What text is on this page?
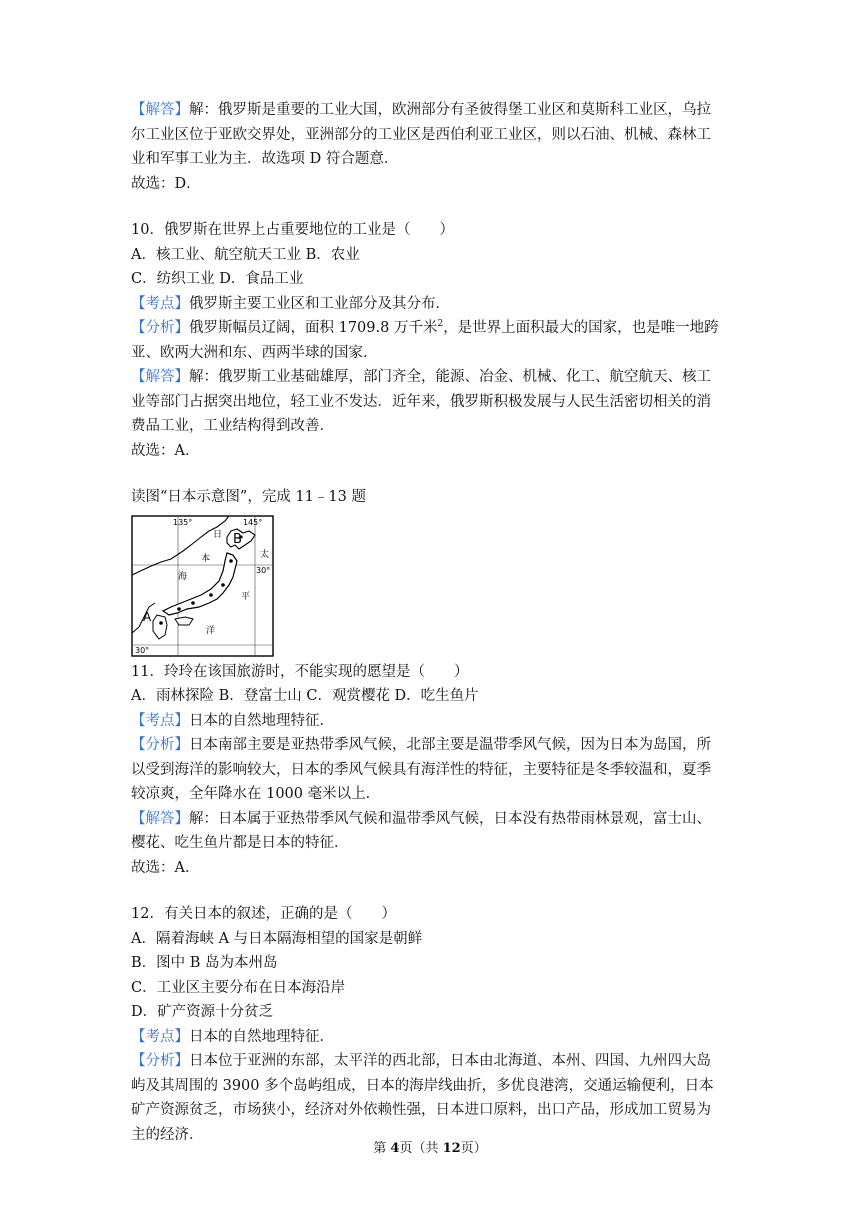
【解答】解：俄罗斯是重要的工业大国，欧洲部分有圣彼得堡工业区和莫斯科工业区，乌拉
尔工业区位于亚欧交界处，亚洲部分的工业区是西伯利亚工业区，则以石油、机械、森林工
业和军事工业为主．故选项 D 符合题意．
故选：D．
10．俄罗斯在世界上占重要地位的工业是（　　）
A．核工业、航空航天工业 B．农业
C．纺织工业 D．食品工业
【考点】俄罗斯主要工业区和工业部分及其分布．
【分析】俄罗斯幅员辽阔，面积 1709.8 万千米$^2$，是世界上面积最大的国家，也是唯一地跨
亚、欧两大洲和东、西两半球的国家．
【解答】解：俄罗斯工业基础雄厚，部门齐全，能源、冶金、机械、化工、航空航天、核工
业等部门占据突出地位，轻工业不发达．近年来，俄罗斯积极发展与人民生活密切相关的消
费品工业，工业结构得到改善．
故选：A．
读图“日本示意图”，完成 11﹣13 题
135°	145°
30°
30°
日
本
海
太
平
洋
A
B
11．玲玲在该国旅游时，不能实现的愿望是（　　）
A．雨林探险 B．登富士山 C．观赏樱花 D．吃生鱼片
【考点】日本的自然地理特征．
【分析】日本南部主要是亚热带季风气候，北部主要是温带季风气候，因为日本为岛国，所
以受到海洋的影响较大，日本的季风气候具有海洋性的特征，主要特征是冬季较温和，夏季
较凉爽，全年降水在 1000 毫米以上．
【解答】解：日本属于亚热带季风气候和温带季风气候，日本没有热带雨林景观，富士山、
樱花、吃生鱼片都是日本的特征．
故选：A．
12．有关日本的叙述，正确的是（　　）
A．隔着海峡 A 与日本隔海相望的国家是朝鲜
B．图中 B 岛为本州岛
C．工业区主要分布在日本海沿岸
D．矿产资源十分贫乏
【考点】日本的自然地理特征．
【分析】日本位于亚洲的东部，太平洋的西北部，日本由北海道、本州、四国、九州四大岛
屿及其周围的 3900 多个岛屿组成，日本的海岸线曲折，多优良港湾，交通运输便利，日本
矿产资源贫乏，市场狭小，经济对外依赖性强，日本进口原料，出口产品，形成加工贸易为
主的经济．
第 4页（共 12页）
